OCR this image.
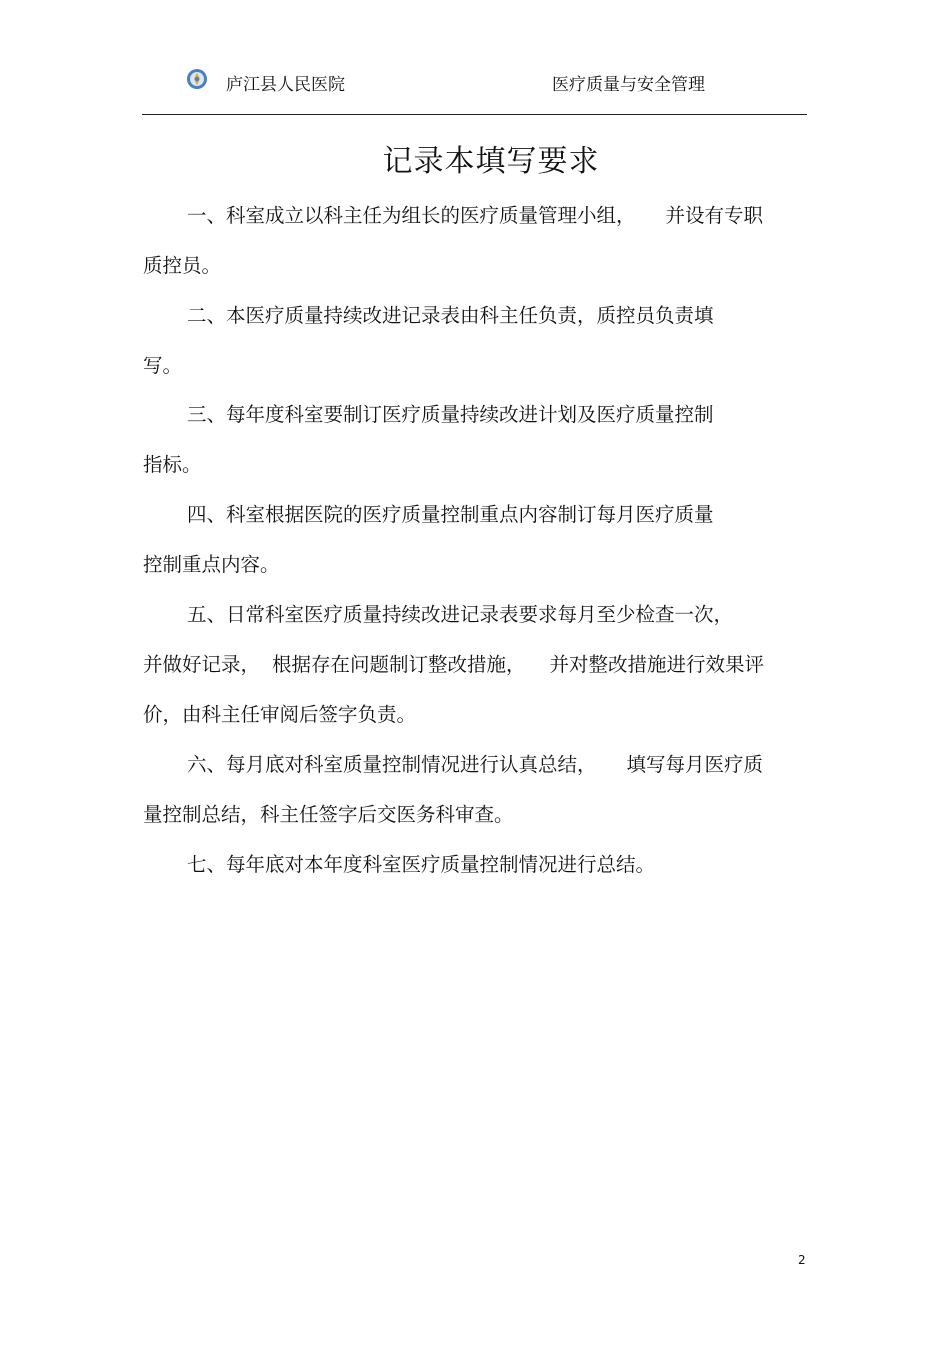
庐江县人民医院	医疗质量与安全管理
记录本填写要求
一、科室成立以科主任为组长的医疗质量管理小组， 并设有专职
质控员。
二、本医疗质量持续改进记录表由科主任负责，质控员负责填
写。
三、每年度科室要制订医疗质量持续改进计划及医疗质量控制
指标。
四、科室根据医院的医疗质量控制重点内容制订每月医疗质量
控制重点内容。
五、日常科室医疗质量持续改进记录表要求每月至少检查一次，
并做好记录， 根据存在问题制订整改措施， 并对整改措施进行效果评
价，由科主任审阅后签字负责。
六、每月底对科室质量控制情况进行认真总结， 填写每月医疗质
量控制总结，科主任签字后交医务科审查。
七、每年底对本年度科室医疗质量控制情况进行总结。
2
